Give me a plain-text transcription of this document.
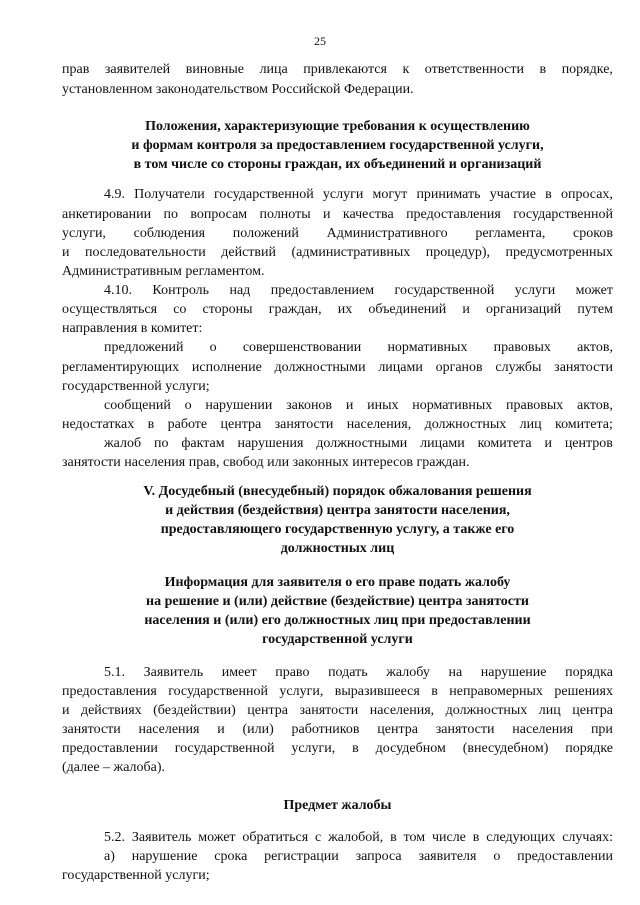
25
прав заявителей виновные лица привлекаются к ответственности в порядке,
установленном законодательством Российской Федерации.
Положения, характеризующие требования к осуществлению
и формам контроля за предоставлением государственной услуги,
в том числе со стороны граждан, их объединений и организаций
4.9. Получатели государственной услуги могут принимать участие в опросах,
анкетировании по вопросам полноты и качества предоставления государственной
услуги, соблюдения положений Административного регламента, сроков
и последовательности действий (административных процедур), предусмотренных
Административным регламентом.
4.10. Контроль над предоставлением государственной услуги может
осуществляться со стороны граждан, их объединений и организаций путем
направления в комитет:
предложений о совершенствовании нормативных правовых актов,
регламентирующих исполнение должностными лицами органов службы занятости
государственной услуги;
сообщений о нарушении законов и иных нормативных правовых актов,
недостатках в работе центра занятости населения, должностных лиц комитета;
жалоб по фактам нарушения должностными лицами комитета и центров
занятости населения прав, свобод или законных интересов граждан.
V. Досудебный (внесудебный) порядок обжалования решения
и действия (бездействия) центра занятости населения,
предоставляющего государственную услугу, а также его
должностных лиц
Информация для заявителя о его праве подать жалобу
на решение и (или) действие (бездействие) центра занятости
населения и (или) его должностных лиц при предоставлении
государственной услуги
5.1. Заявитель имеет право подать жалобу на нарушение порядка
предоставления государственной услуги, выразившееся в неправомерных решениях
и действиях (бездействии) центра занятости населения, должностных лиц центра
занятости населения и (или) работников центра занятости населения при
предоставлении государственной услуги, в досудебном (внесудебном) порядке
(далее – жалоба).
Предмет жалобы
5.2. Заявитель может обратиться с жалобой, в том числе в следующих случаях:
а) нарушение срока регистрации запроса заявителя о предоставлении
государственной услуги;
